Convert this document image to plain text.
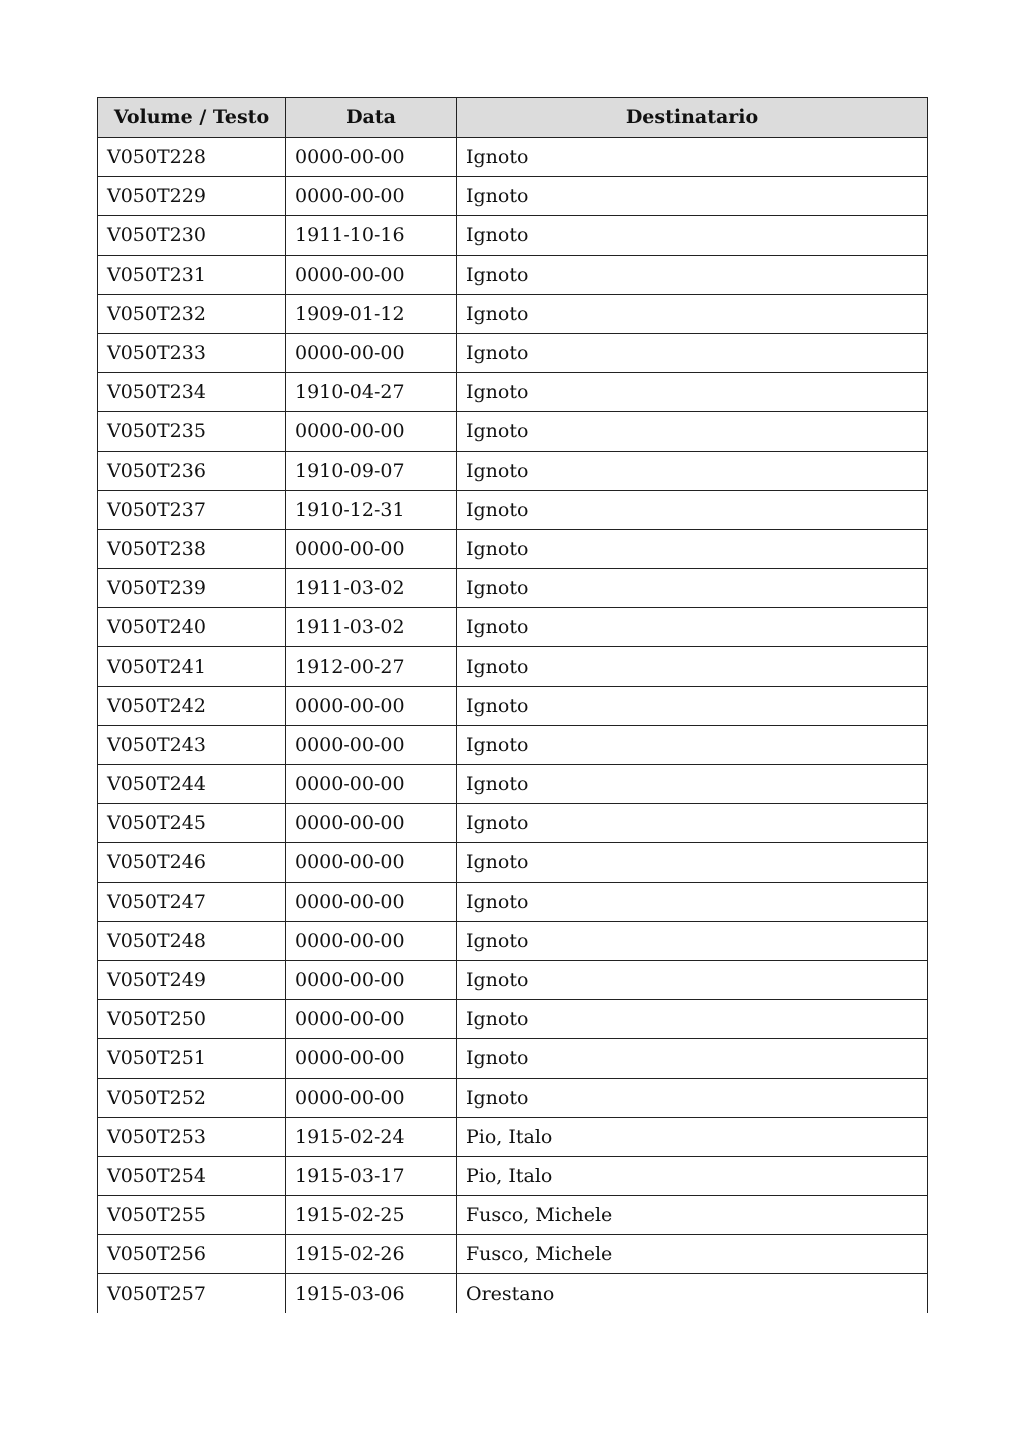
Volume / Testo	Data	Destinatario
V050T228	0000-00-00	Ignoto
V050T229	0000-00-00	Ignoto
V050T230	1911-10-16	Ignoto
V050T231	0000-00-00	Ignoto
V050T232	1909-01-12	Ignoto
V050T233	0000-00-00	Ignoto
V050T234	1910-04-27	Ignoto
V050T235	0000-00-00	Ignoto
V050T236	1910-09-07	Ignoto
V050T237	1910-12-31	Ignoto
V050T238	0000-00-00	Ignoto
V050T239	1911-03-02	Ignoto
V050T240	1911-03-02	Ignoto
V050T241	1912-00-27	Ignoto
V050T242	0000-00-00	Ignoto
V050T243	0000-00-00	Ignoto
V050T244	0000-00-00	Ignoto
V050T245	0000-00-00	Ignoto
V050T246	0000-00-00	Ignoto
V050T247	0000-00-00	Ignoto
V050T248	0000-00-00	Ignoto
V050T249	0000-00-00	Ignoto
V050T250	0000-00-00	Ignoto
V050T251	0000-00-00	Ignoto
V050T252	0000-00-00	Ignoto
V050T253	1915-02-24	Pio, Italo
V050T254	1915-03-17	Pio, Italo
V050T255	1915-02-25	Fusco, Michele
V050T256	1915-02-26	Fusco, Michele
V050T257	1915-03-06	Orestano
